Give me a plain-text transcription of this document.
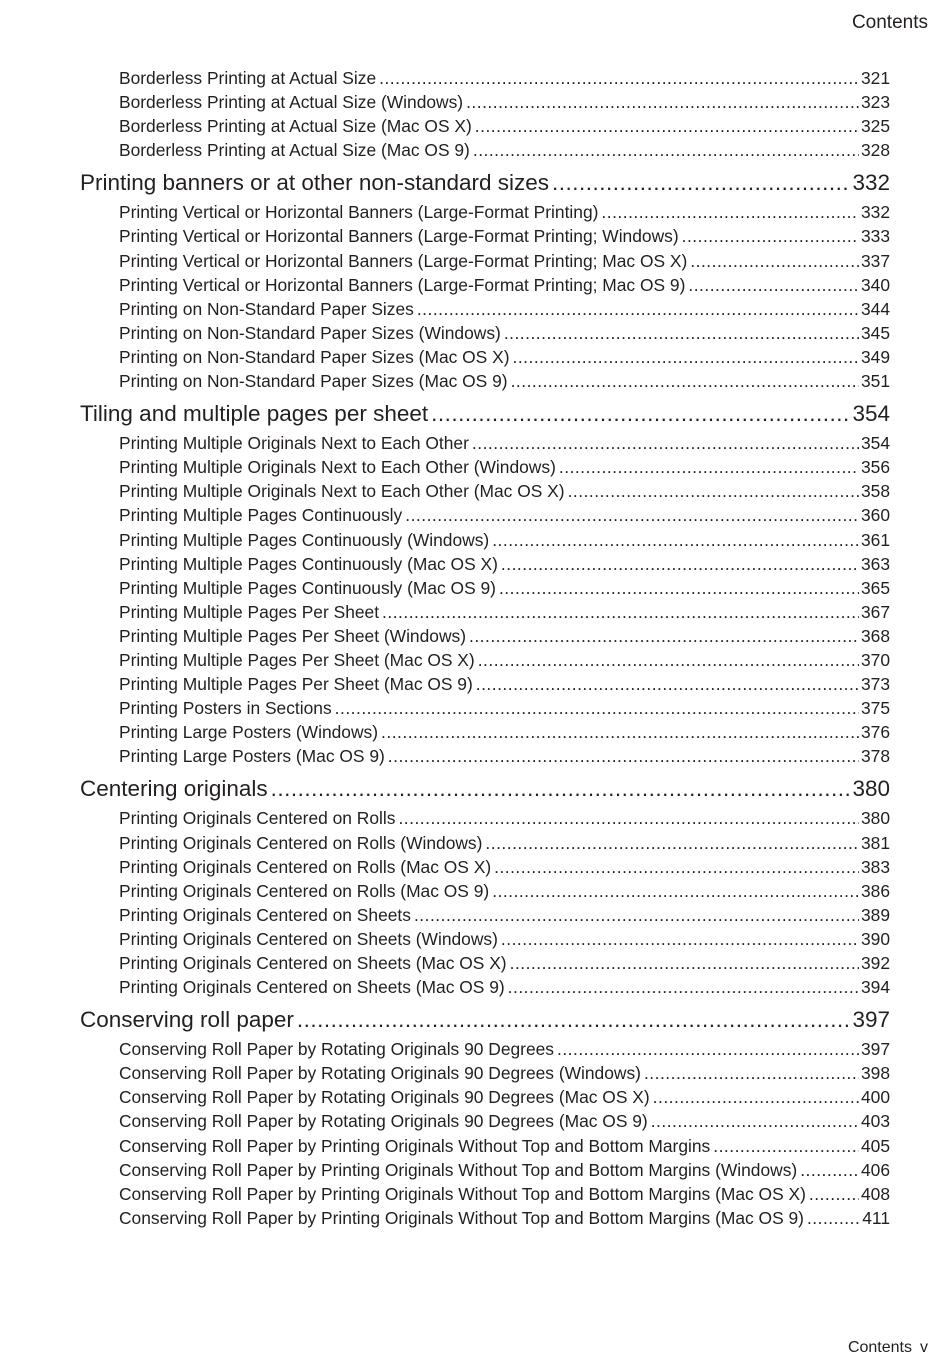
Contents
Borderless Printing at Actual Size .....	321
Borderless Printing at Actual Size (Windows) .....	323
Borderless Printing at Actual Size (Mac OS X) .....	325
Borderless Printing at Actual Size (Mac OS 9) .....	328
Printing banners or at other non-standard sizes .....	332
Printing Vertical or Horizontal Banners (Large-Format Printing) .....	332
Printing Vertical or Horizontal Banners (Large-Format Printing; Windows) .....	333
Printing Vertical or Horizontal Banners (Large-Format Printing; Mac OS X) .....	337
Printing Vertical or Horizontal Banners (Large-Format Printing; Mac OS 9) .....	340
Printing on Non-Standard Paper Sizes .....	344
Printing on Non-Standard Paper Sizes (Windows) .....	345
Printing on Non-Standard Paper Sizes (Mac OS X) .....	349
Printing on Non-Standard Paper Sizes (Mac OS 9) .....	351
Tiling and multiple pages per sheet .....	354
Printing Multiple Originals Next to Each Other .....	354
Printing Multiple Originals Next to Each Other (Windows) .....	356
Printing Multiple Originals Next to Each Other (Mac OS X) .....	358
Printing Multiple Pages Continuously .....	360
Printing Multiple Pages Continuously (Windows) .....	361
Printing Multiple Pages Continuously (Mac OS X) .....	363
Printing Multiple Pages Continuously (Mac OS 9) .....	365
Printing Multiple Pages Per Sheet .....	367
Printing Multiple Pages Per Sheet (Windows) .....	368
Printing Multiple Pages Per Sheet (Mac OS X) .....	370
Printing Multiple Pages Per Sheet (Mac OS 9) .....	373
Printing Posters in Sections .....	375
Printing Large Posters (Windows) .....	376
Printing Large Posters (Mac OS 9) .....	378
Centering originals .....	380
Printing Originals Centered on Rolls .....	380
Printing Originals Centered on Rolls (Windows) .....	381
Printing Originals Centered on Rolls (Mac OS X) .....	383
Printing Originals Centered on Rolls (Mac OS 9) .....	386
Printing Originals Centered on Sheets .....	389
Printing Originals Centered on Sheets (Windows) .....	390
Printing Originals Centered on Sheets (Mac OS X) .....	392
Printing Originals Centered on Sheets (Mac OS 9) .....	394
Conserving roll paper .....	397
Conserving Roll Paper by Rotating Originals 90 Degrees .....	397
Conserving Roll Paper by Rotating Originals 90 Degrees (Windows) .....	398
Conserving Roll Paper by Rotating Originals 90 Degrees (Mac OS X) .....	400
Conserving Roll Paper by Rotating Originals 90 Degrees (Mac OS 9) .....	403
Conserving Roll Paper by Printing Originals Without Top and Bottom Margins .....	405
Conserving Roll Paper by Printing Originals Without Top and Bottom Margins (Windows) .....	406
Conserving Roll Paper by Printing Originals Without Top and Bottom Margins (Mac OS X) .....	408
Conserving Roll Paper by Printing Originals Without Top and Bottom Margins (Mac OS 9) .....	411
Contents v
